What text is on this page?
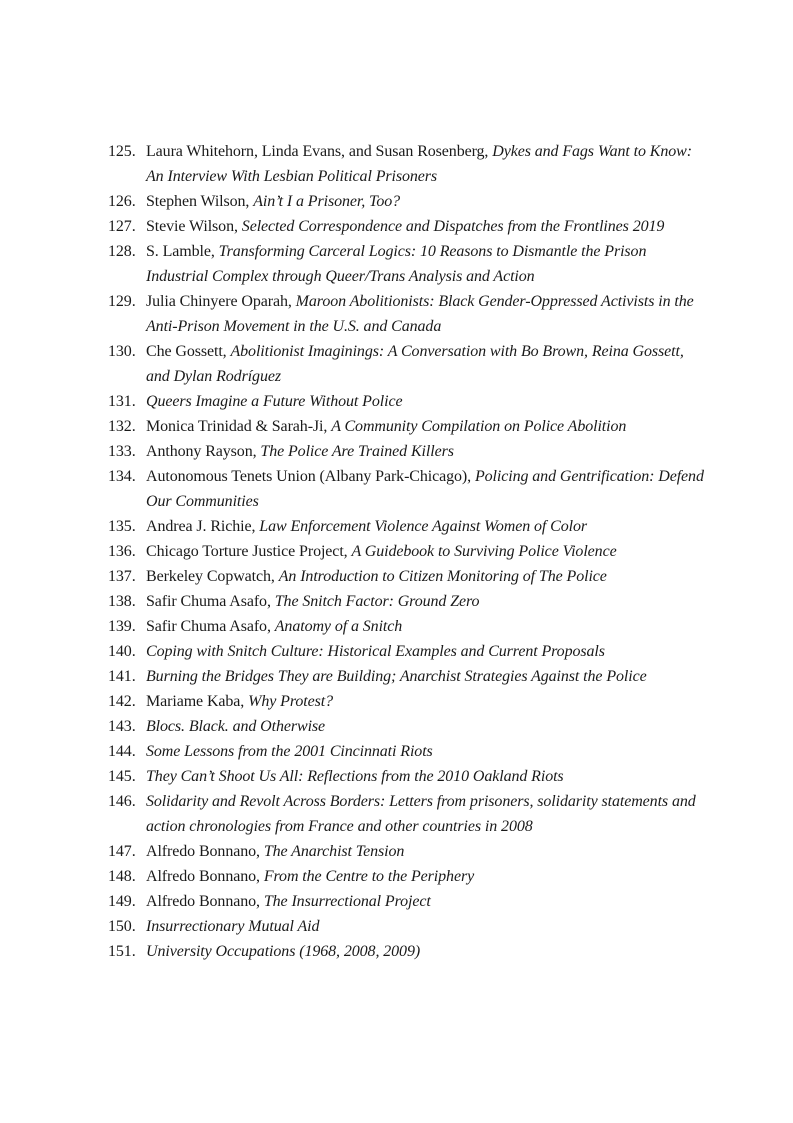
125. Laura Whitehorn, Linda Evans, and Susan Rosenberg, Dykes and Fags Want to Know: An Interview With Lesbian Political Prisoners
126. Stephen Wilson, Ain’t I a Prisoner, Too?
127. Stevie Wilson, Selected Correspondence and Dispatches from the Frontlines 2019
128. S. Lamble, Transforming Carceral Logics: 10 Reasons to Dismantle the Prison Industrial Complex through Queer/Trans Analysis and Action
129. Julia Chinyere Oparah, Maroon Abolitionists: Black Gender-Oppressed Activists in the Anti-Prison Movement in the U.S. and Canada
130. Che Gossett, Abolitionist Imaginings: A Conversation with Bo Brown, Reina Gossett, and Dylan Rodríguez
131. Queers Imagine a Future Without Police
132. Monica Trinidad & Sarah-Ji, A Community Compilation on Police Abolition
133. Anthony Rayson, The Police Are Trained Killers
134. Autonomous Tenets Union (Albany Park-Chicago), Policing and Gentrification: Defend Our Communities
135. Andrea J. Richie, Law Enforcement Violence Against Women of Color
136. Chicago Torture Justice Project, A Guidebook to Surviving Police Violence
137. Berkeley Copwatch, An Introduction to Citizen Monitoring of The Police
138. Safir Chuma Asafo, The Snitch Factor: Ground Zero
139. Safir Chuma Asafo, Anatomy of a Snitch
140. Coping with Snitch Culture: Historical Examples and Current Proposals
141. Burning the Bridges They are Building; Anarchist Strategies Against the Police
142. Mariame Kaba, Why Protest?
143. Blocs. Black. and Otherwise
144. Some Lessons from the 2001 Cincinnati Riots
145. They Can’t Shoot Us All: Reflections from the 2010 Oakland Riots
146. Solidarity and Revolt Across Borders: Letters from prisoners, solidarity statements and action chronologies from France and other countries in 2008
147. Alfredo Bonnano, The Anarchist Tension
148. Alfredo Bonnano, From the Centre to the Periphery
149. Alfredo Bonnano, The Insurrectional Project
150. Insurrectionary Mutual Aid
151. University Occupations (1968, 2008, 2009)
